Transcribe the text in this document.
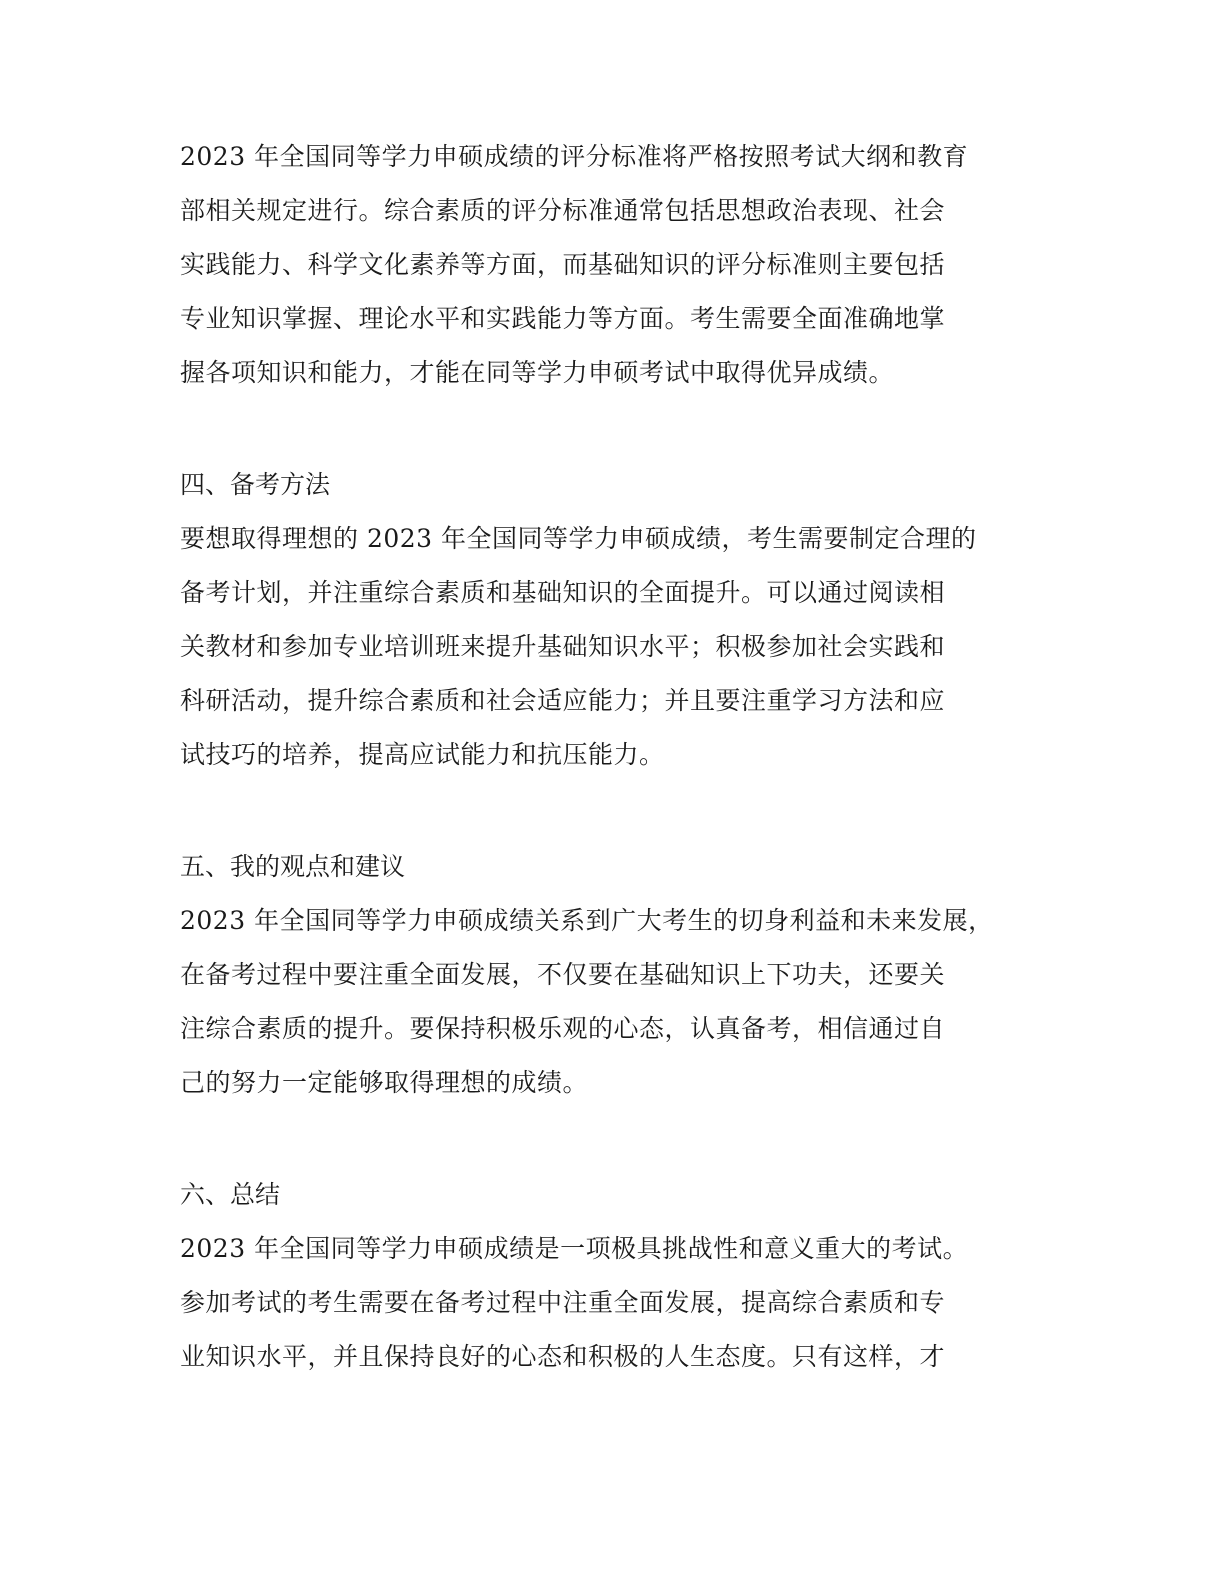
2023 年全国同等学力申硕成绩的评分标准将严格按照考试大纲和教育
部相关规定进行。综合素质的评分标准通常包括思想政治表现、社会
实践能力、科学文化素养等方面，而基础知识的评分标准则主要包括
专业知识掌握、理论水平和实践能力等方面。考生需要全面准确地掌
握各项知识和能力，才能在同等学力申硕考试中取得优异成绩。
四、备考方法
要想取得理想的 2023 年全国同等学力申硕成绩，考生需要制定合理的
备考计划，并注重综合素质和基础知识的全面提升。可以通过阅读相
关教材和参加专业培训班来提升基础知识水平；积极参加社会实践和
科研活动，提升综合素质和社会适应能力；并且要注重学习方法和应
试技巧的培养，提高应试能力和抗压能力。
五、我的观点和建议
2023 年全国同等学力申硕成绩关系到广大考生的切身利益和未来发展，
在备考过程中要注重全面发展，不仅要在基础知识上下功夫，还要关
注综合素质的提升。要保持积极乐观的心态，认真备考，相信通过自
己的努力一定能够取得理想的成绩。
六、总结
2023 年全国同等学力申硕成绩是一项极具挑战性和意义重大的考试。
参加考试的考生需要在备考过程中注重全面发展，提高综合素质和专
业知识水平，并且保持良好的心态和积极的人生态度。只有这样，才
